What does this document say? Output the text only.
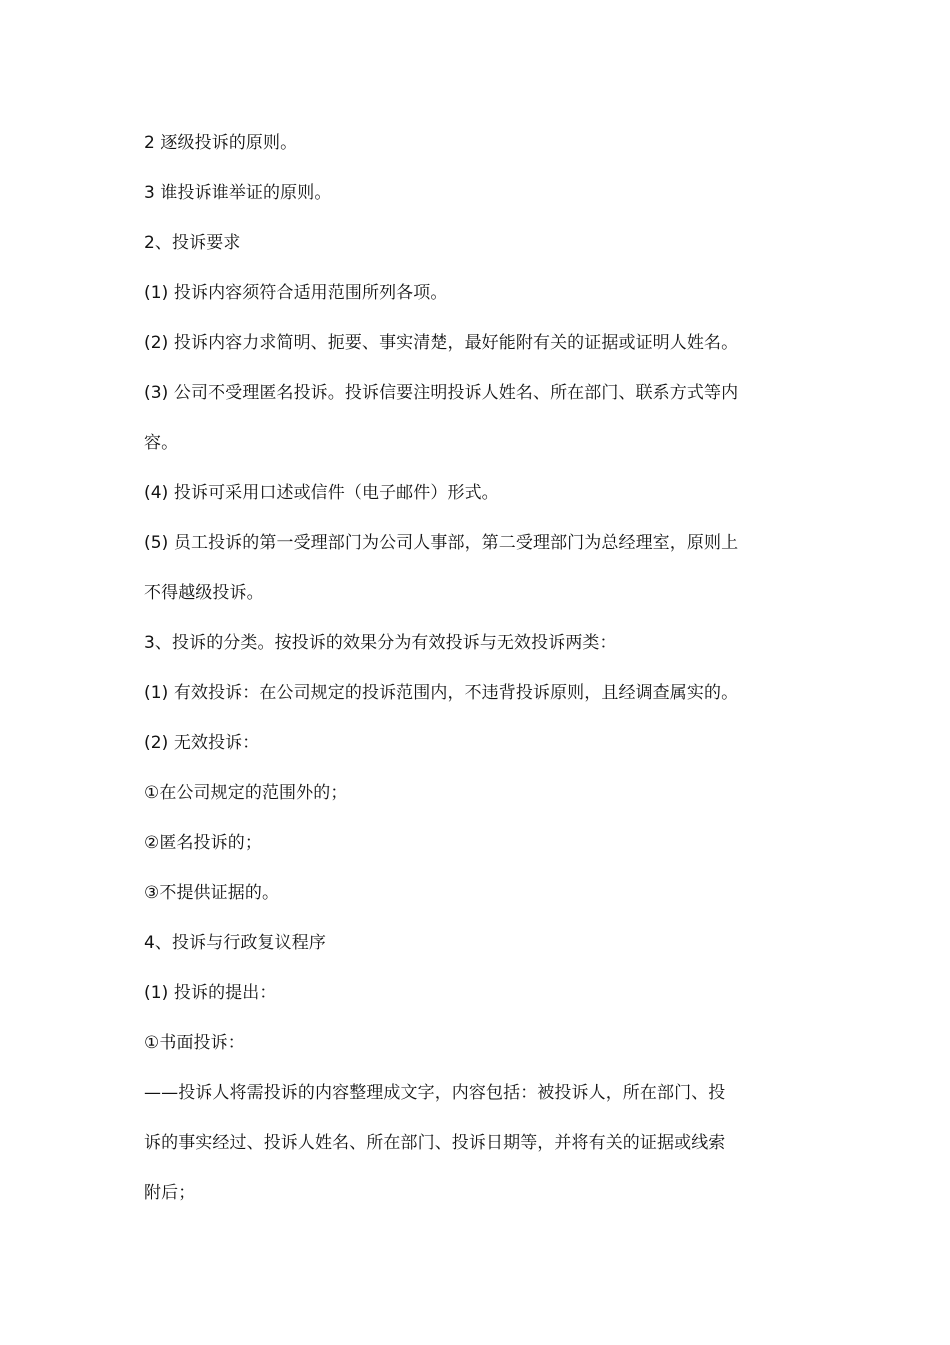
2 逐级投诉的原则。
3 谁投诉谁举证的原则。
2、投诉要求
(1) 投诉内容须符合适用范围所列各项。
(2) 投诉内容力求简明、扼要、事实清楚，最好能附有关的证据或证明人姓名。
(3) 公司不受理匿名投诉。投诉信要注明投诉人姓名、所在部门、联系方式等内
容。
(4) 投诉可采用口述或信件（电子邮件）形式。
(5) 员工投诉的第一受理部门为公司人事部，第二受理部门为总经理室，原则上
不得越级投诉。
3、投诉的分类。按投诉的效果分为有效投诉与无效投诉两类：
(1) 有效投诉：在公司规定的投诉范围内，不违背投诉原则，且经调查属实的。
(2) 无效投诉：
①在公司规定的范围外的；
②匿名投诉的；
③不提供证据的。
4、投诉与行政复议程序
(1) 投诉的提出：
①书面投诉：
——投诉人将需投诉的内容整理成文字，内容包括：被投诉人，所在部门、投
诉的事实经过、投诉人姓名、所在部门、投诉日期等，并将有关的证据或线索
附后；
